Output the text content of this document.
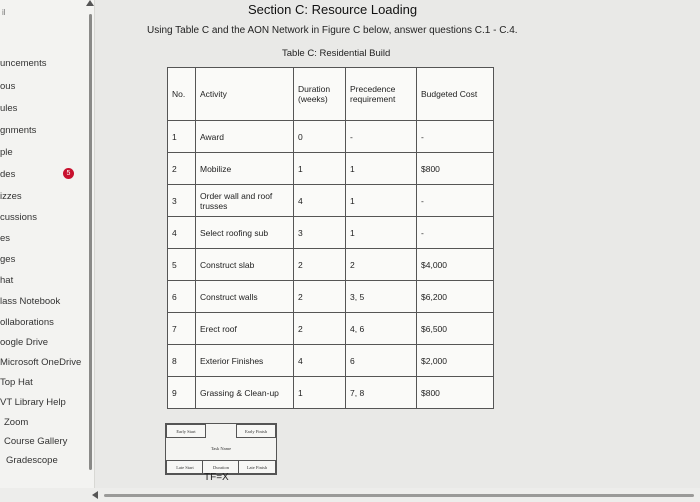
il
uncements
ous
ules
gnments
ple
des	5
izzes
cussions
es
ges
hat
lass Notebook
ollaborations
oogle Drive
Microsoft OneDrive
Top Hat
VT Library Help
Zoom
Course Gallery
Gradescope
Section C: Resource Loading
Using Table C and the AON Network in Figure C below, answer questions C.1 - C.4.
Table C: Residential Build
No.	Activity	Duration (weeks)	Precedence requirement	Budgeted Cost
1	Award	0	-	-
2	Mobilize	1	1	$800
3	Order wall and roof trusses	4	1	-
4	Select roofing sub	3	1	-
5	Construct slab	2	2	$4,000
6	Construct walls	2	3, 5	$6,200
7	Erect roof	2	4, 6	$6,500
8	Exterior Finishes	4	6	$2,000
9	Grassing & Clean-up	1	7, 8	$800
Early Start	Early Finish
Task Name
Late Start	Duration	Late Finish
TF=X
